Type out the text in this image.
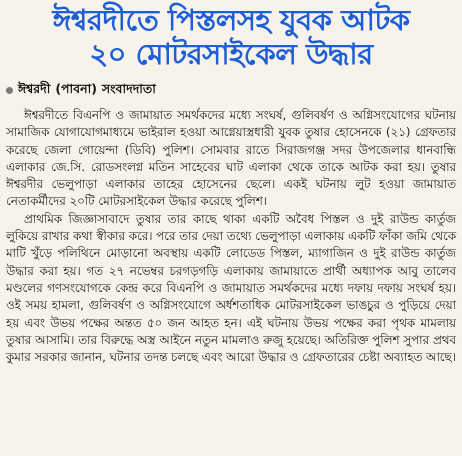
ঈশ্বরদীতে পিস্তলসহ যুবক আটক
২০ মোটরসাইকেল উদ্ধার
ঈশ্বরদী (পাবনা) সংবাদদাতা

ঈশ্বরদীতে বিএনপি ও জামায়াত সমর্থকদের মধ্যে সংঘর্ষ, গুলিবর্ষণ ও অগ্নিসংযোগের ঘটনায় সামাজিক যোগাযোগমাধ্যমে ভাইরাল হওয়া আগ্নেয়াস্ত্রধারী যুবক তুষার হোসেনকে (২১) গ্রেফতার করেছে জেলা গোয়েন্দা (ডিবি) পুলিশ। সোমবার রাতে সিরাজগঞ্জ সদর উপজেলার ধানবান্ধি এলাকার জে.সি. রোডসংলগ্ন মতিন সাহেবের ঘাট এলাকা থেকে তাকে আটক করা হয়। তুষার ঈশ্বরদীর ভেলুপাড়া এলাকার তাহের হোসেনের ছেলে। একই ঘটনায় লুট হওয়া জামায়াত নেতাকর্মীদের ২০টি মোটরসাইকেল উদ্ধার করেছে পুলিশ।

প্রাথমিক জিজ্ঞাসাবাদে তুষার তার কাছে থাকা একটি অবৈধ পিস্তল ও দুই রাউন্ড কার্তুজ লুকিয়ে রাখার কথা স্বীকার করে। পরে তার দেয়া তথ্যে ভেলুপাড়া এলাকায় একটি ফাঁকা জমি থেকে মাটি খুঁড়ে পলিথিনে মোড়ানো অবস্থায় একটি লোডেড পিস্তল, ম্যাগাজিন ও দুই রাউন্ড কার্তুজ উদ্ধার করা হয়। গত ২৭ নভেম্বর চরগড়গড়ি এলাকায় জামায়াতে প্রার্থী অধ্যাপক আবু তালেব মণ্ডলের গণসংযোগকে কেন্দ্র করে বিএনপি ও জামায়াত সমর্থকদের মধ্যে দফায় দফায় সংঘর্ষ হয়। ওই সময় হামলা, গুলিবর্ষণ ও অগ্নিসংযোগে অর্ধশতাধিক মোটরসাইকেল ভাঙচুর ও পুড়িয়ে দেয়া হয় এবং উভয় পক্ষের অন্তত ৫০ জন আহত হন। এই ঘটনায় উভয় পক্ষের করা পৃথক মামলায় তুষার আসামি। তার বিরুদ্ধে অস্ত্র আইনে নতুন মামলাও রুজু হয়েছে। অতিরিক্ত পুলিশ সুপার প্রথব কুমার সরকার জানান, ঘটনার তদন্ত চলছে এবং আরো উদ্ধার ও গ্রেফতারের চেষ্টা অব্যাহত আছে।
